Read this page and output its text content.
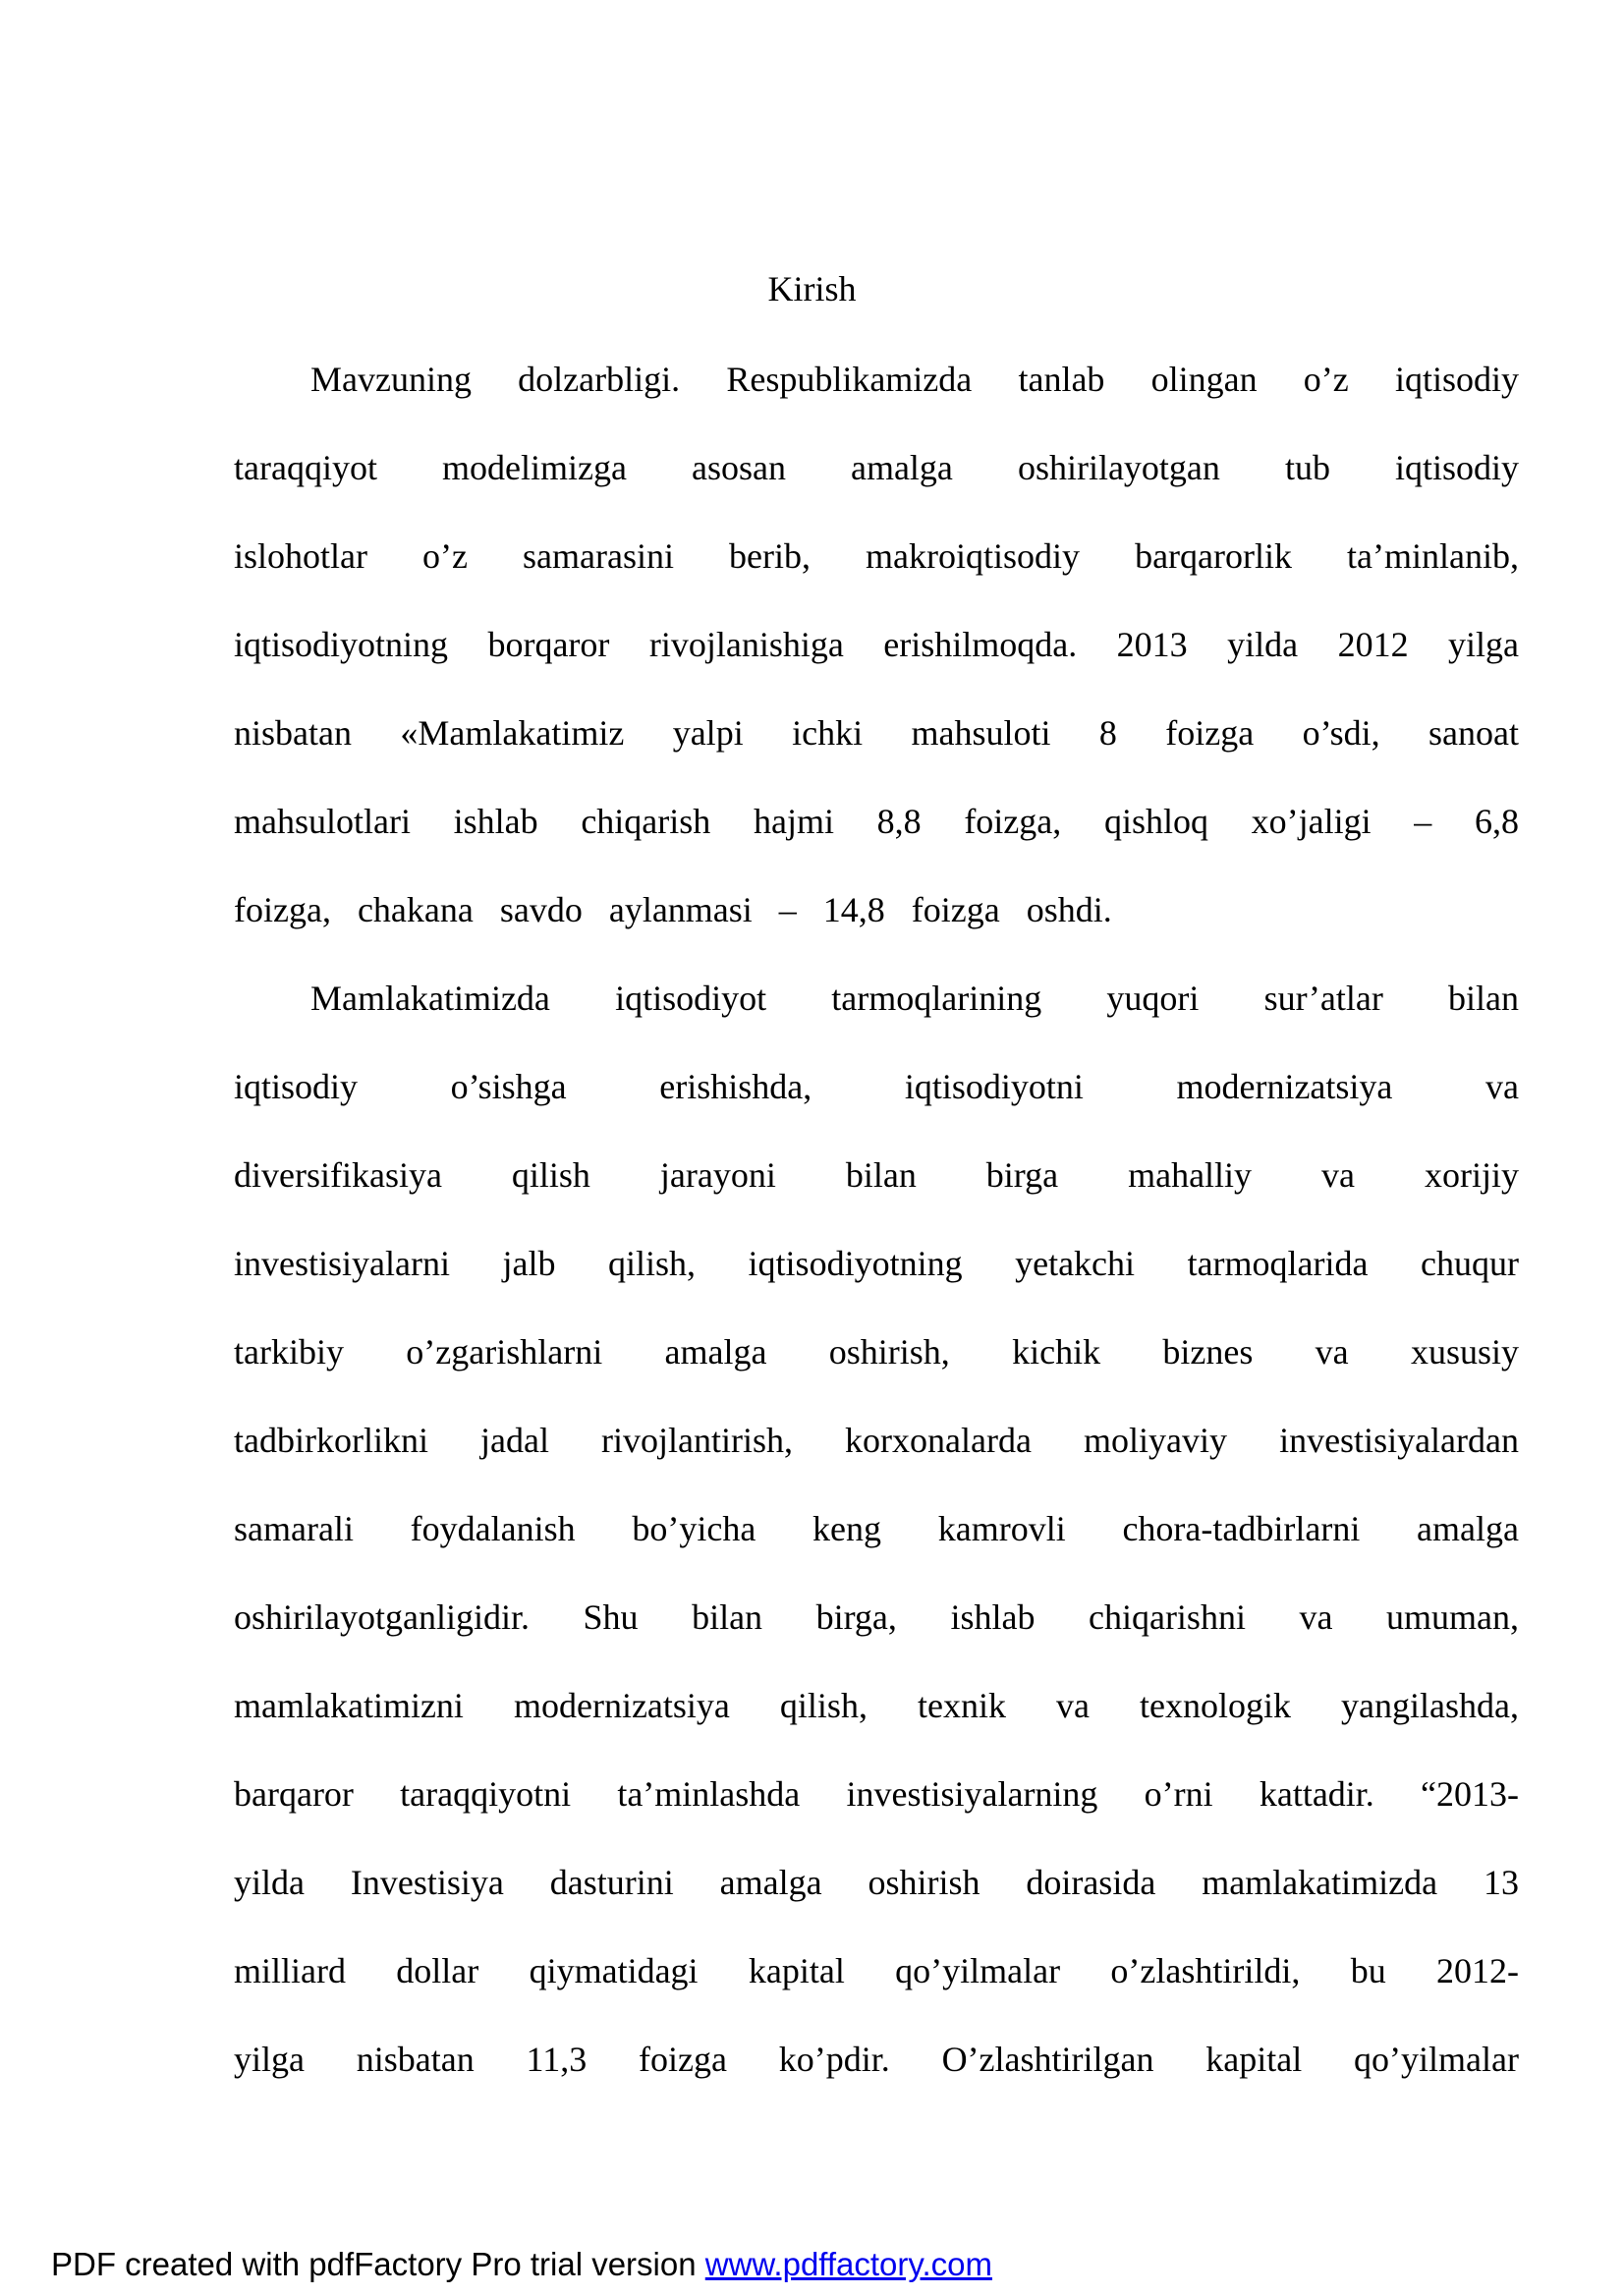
Kirish
Mavzuning dolzarbligi. Respublikamizda tanlab olingan o’z iqtisodiy
taraqqiyot modelimizga asosan amalga oshirilayotgan tub iqtisodiy
islohotlar o’z samarasini berib, makroiqtisodiy barqarorlik ta’minlanib,
iqtisodiyotning borqaror rivojlanishiga erishilmoqda. 2013 yilda 2012 yilga
nisbatan «Mamlakatimiz yalpi ichki mahsuloti 8 foizga o’sdi, sanoat
mahsulotlari ishlab chiqarish hajmi 8,8 foizga, qishloq xo’jaligi – 6,8
foizga, chakana savdo aylanmasi – 14,8 foizga oshdi.
Mamlakatimizda iqtisodiyot tarmoqlarining yuqori sur’atlar bilan
iqtisodiy o’sishga erishishda, iqtisodiyotni modernizatsiya va
diversifikasiya qilish jarayoni bilan birga mahalliy va xorijiy
investisiyalarni jalb qilish, iqtisodiyotning yetakchi tarmoqlarida chuqur
tarkibiy o’zgarishlarni amalga oshirish, kichik biznes va xususiy
tadbirkorlikni jadal rivojlantirish, korxonalarda moliyaviy investisiyalardan
samarali foydalanish bo’yicha keng kamrovli chora-tadbirlarni amalga
oshirilayotganligidir. Shu bilan birga, ishlab chiqarishni va umuman,
mamlakatimizni modernizatsiya qilish, texnik va texnologik yangilashda,
barqaror taraqqiyotni ta’minlashda investisiyalarning o’rni kattadir. “2013-
yilda Investisiya dasturini amalga oshirish doirasida mamlakatimizda 13
milliard dollar qiymatidagi kapital qo’yilmalar o’zlashtirildi, bu 2012-
yilga nisbatan 11,3 foizga ko’pdir. O’zlashtirilgan kapital qo’yilmalar
PDF created with pdfFactory Pro trial version www.pdffactory.com
